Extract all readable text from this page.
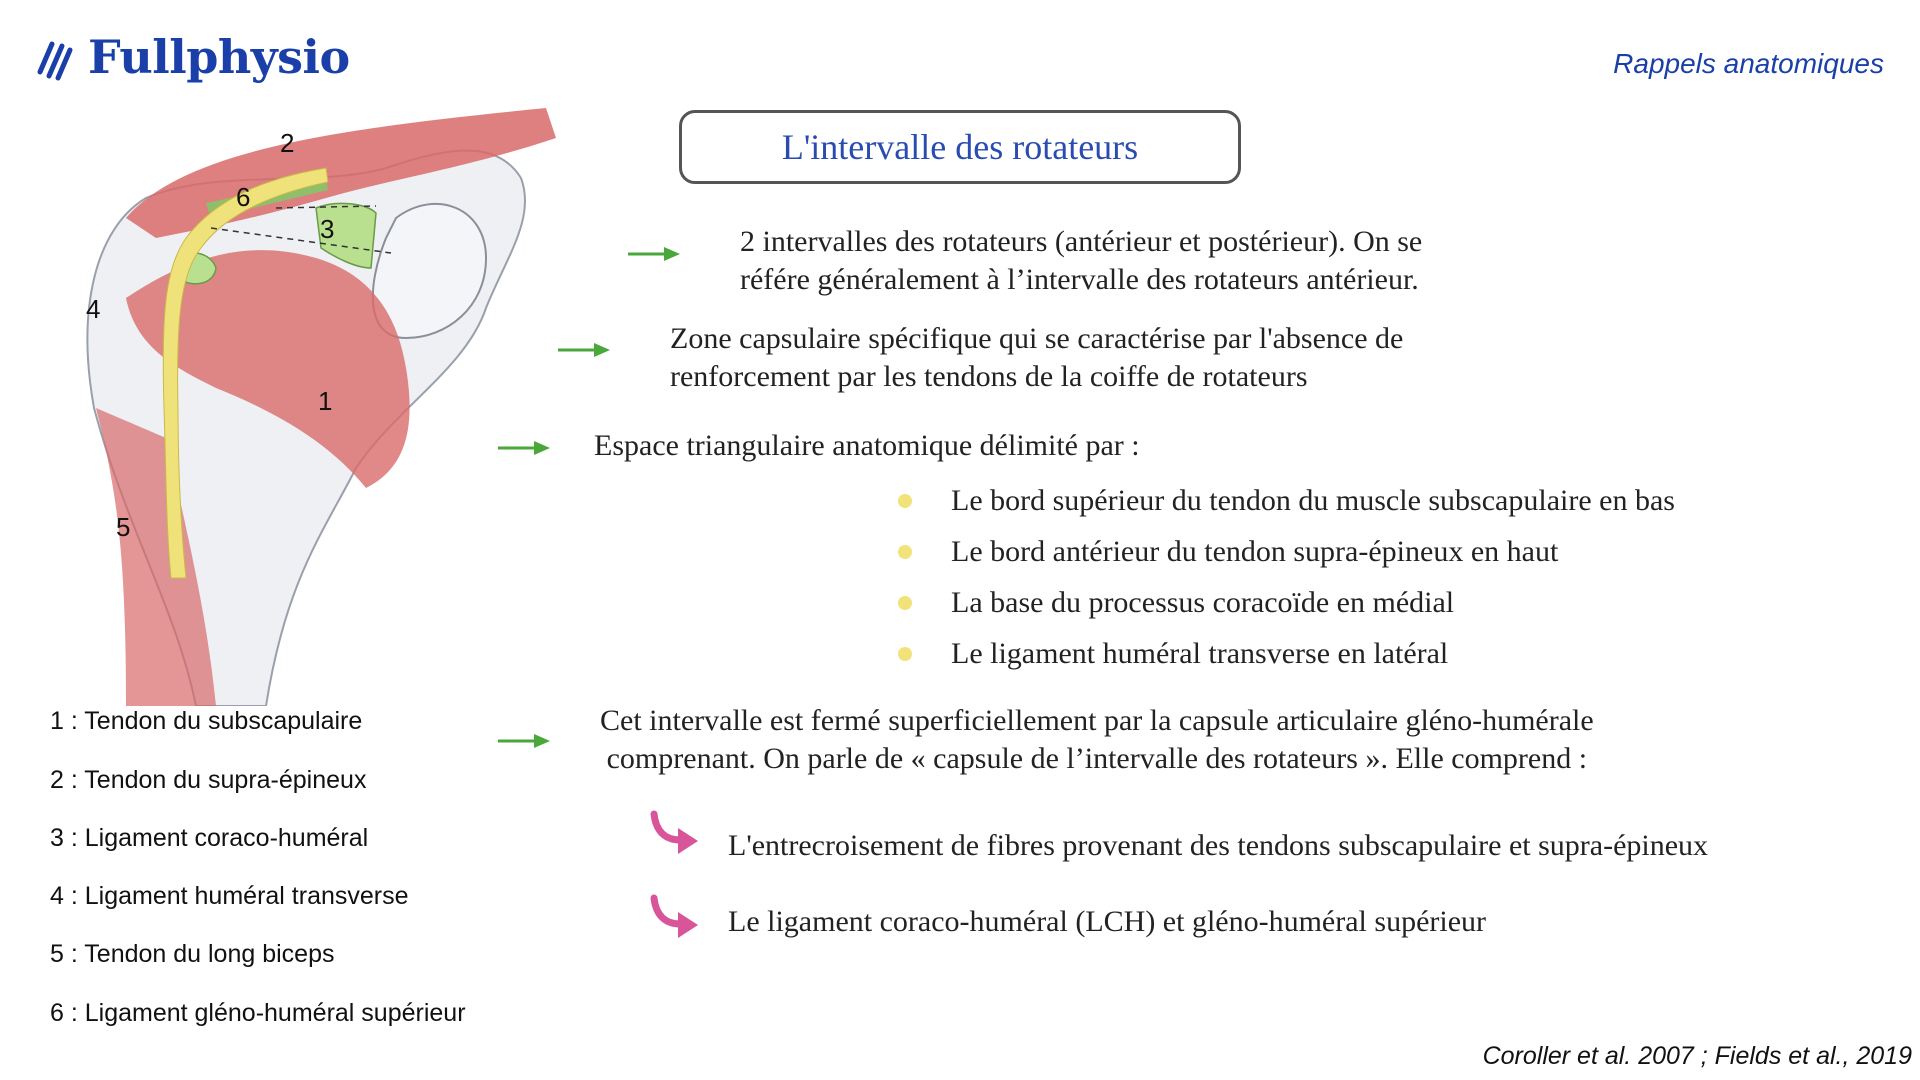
Fullphysio	Rappels anatomiques
L'intervalle des rotateurs
2
6
3
4
1
5
2 intervalles des rotateurs (antérieur et postérieur). On se
référe généralement à l’intervalle des rotateurs antérieur.
Zone capsulaire spécifique qui se caractérise par l'absence de
renforcement par les tendons de la coiffe de rotateurs
Espace triangulaire anatomique délimité par :
Le bord supérieur du tendon du muscle subscapulaire en bas
Le bord antérieur du tendon supra-épineux en haut
La base du processus coracoïde en médial
Le ligament huméral transverse en latéral
1 : Tendon du subscapulaire
2 : Tendon du supra-épineux
3 : Ligament coraco-huméral
4 : Ligament huméral transverse
5 : Tendon du long biceps
6 : Ligament gléno-huméral supérieur
Cet intervalle est fermé superficiellement par la capsule articulaire gléno-humérale
comprenant. On parle de « capsule de l’intervalle des rotateurs ». Elle comprend :
L'entrecroisement de fibres provenant des tendons subscapulaire et supra-épineux
Le ligament coraco-huméral (LCH) et gléno-huméral supérieur
Coroller et al. 2007 ; Fields et al., 2019
